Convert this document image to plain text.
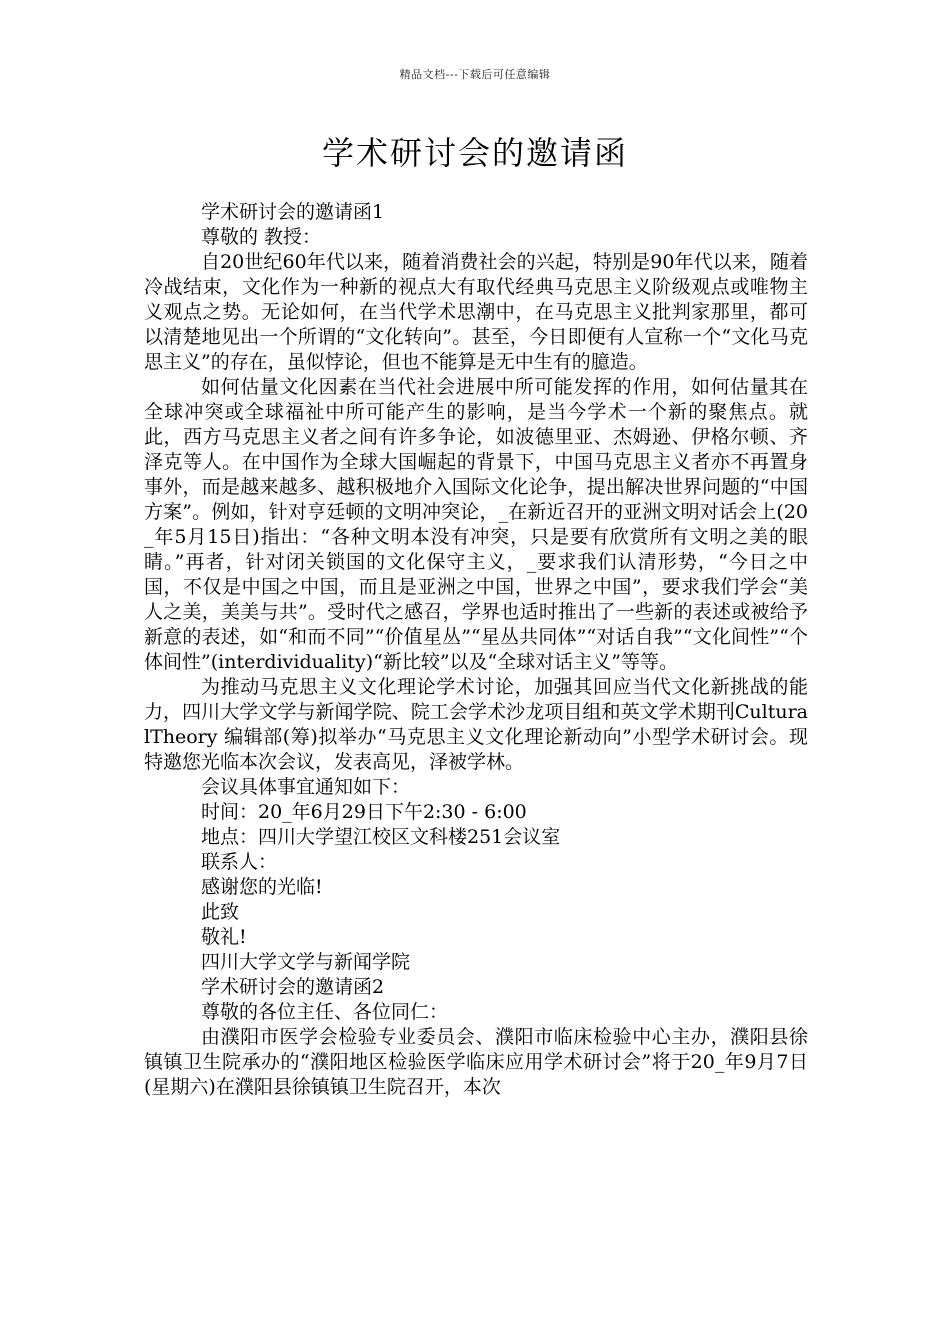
精品文档---下载后可任意编辑
学术研讨会的邀请函

学术研讨会的邀请函1

尊敬的 教授：

自20世纪60年代以来，随着消费社会的兴起，特别是90年代以来，随着冷战结束，文化作为一种新的视点大有取代经典马克思主义阶级观点或唯物主义观点之势。无论如何，在当代学术思潮中，在马克思主义批判家那里，都可以清楚地见出一个所谓的“文化转向”。甚至，今日即便有人宣称一个“文化马克思主义”的存在，虽似悖论，但也不能算是无中生有的臆造。

如何估量文化因素在当代社会进展中所可能发挥的作用，如何估量其在全球冲突或全球福祉中所可能产生的影响，是当今学术一个新的聚焦点。就此，西方马克思主义者之间有许多争论，如波德里亚、杰姆逊、伊格尔顿、齐泽克等人。在中国作为全球大国崛起的背景下，中国马克思主义者亦不再置身事外，而是越来越多、越积极地介入国际文化论争，提出解决世界问题的“中国方案”。例如，针对亨廷顿的文明冲突论，_在新近召开的亚洲文明对话会上(20_年5月15日)指出：“各种文明本没有冲突，只是要有欣赏所有文明之美的眼睛。”再者，针对闭关锁国的文化保守主义，_要求我们认清形势，“今日之中国，不仅是中国之中国，而且是亚洲之中国，世界之中国”，要求我们学会“美人之美，美美与共”。受时代之感召，学界也适时推出了一些新的表述或被给予新意的表述，如“和而不同”“价值星丛”“星丛共同体”“对话自我”“文化间性”“个体间性”(interdividuality)“新比较”以及“全球对话主义”等等。

为推动马克思主义文化理论学术讨论，加强其回应当代文化新挑战的能力，四川大学文学与新闻学院、院工会学术沙龙项目组和英文学术期刊CulturalTheory 编辑部(筹)拟举办“马克思主义文化理论新动向”小型学术研讨会。现特邀您光临本次会议，发表高见，泽被学林。

会议具体事宜通知如下：

时间：20_年6月29日下午2:30 - 6:00

地点：四川大学望江校区文科楼251会议室

联系人：

感谢您的光临!

此致

敬礼!

四川大学文学与新闻学院

学术研讨会的邀请函2

尊敬的各位主任、各位同仁：

由濮阳市医学会检验专业委员会、濮阳市临床检验中心主办，濮阳县徐镇镇卫生院承办的“濮阳地区检验医学临床应用学术研讨会”将于20_年9月7日(星期六)在濮阳县徐镇镇卫生院召开，本次
